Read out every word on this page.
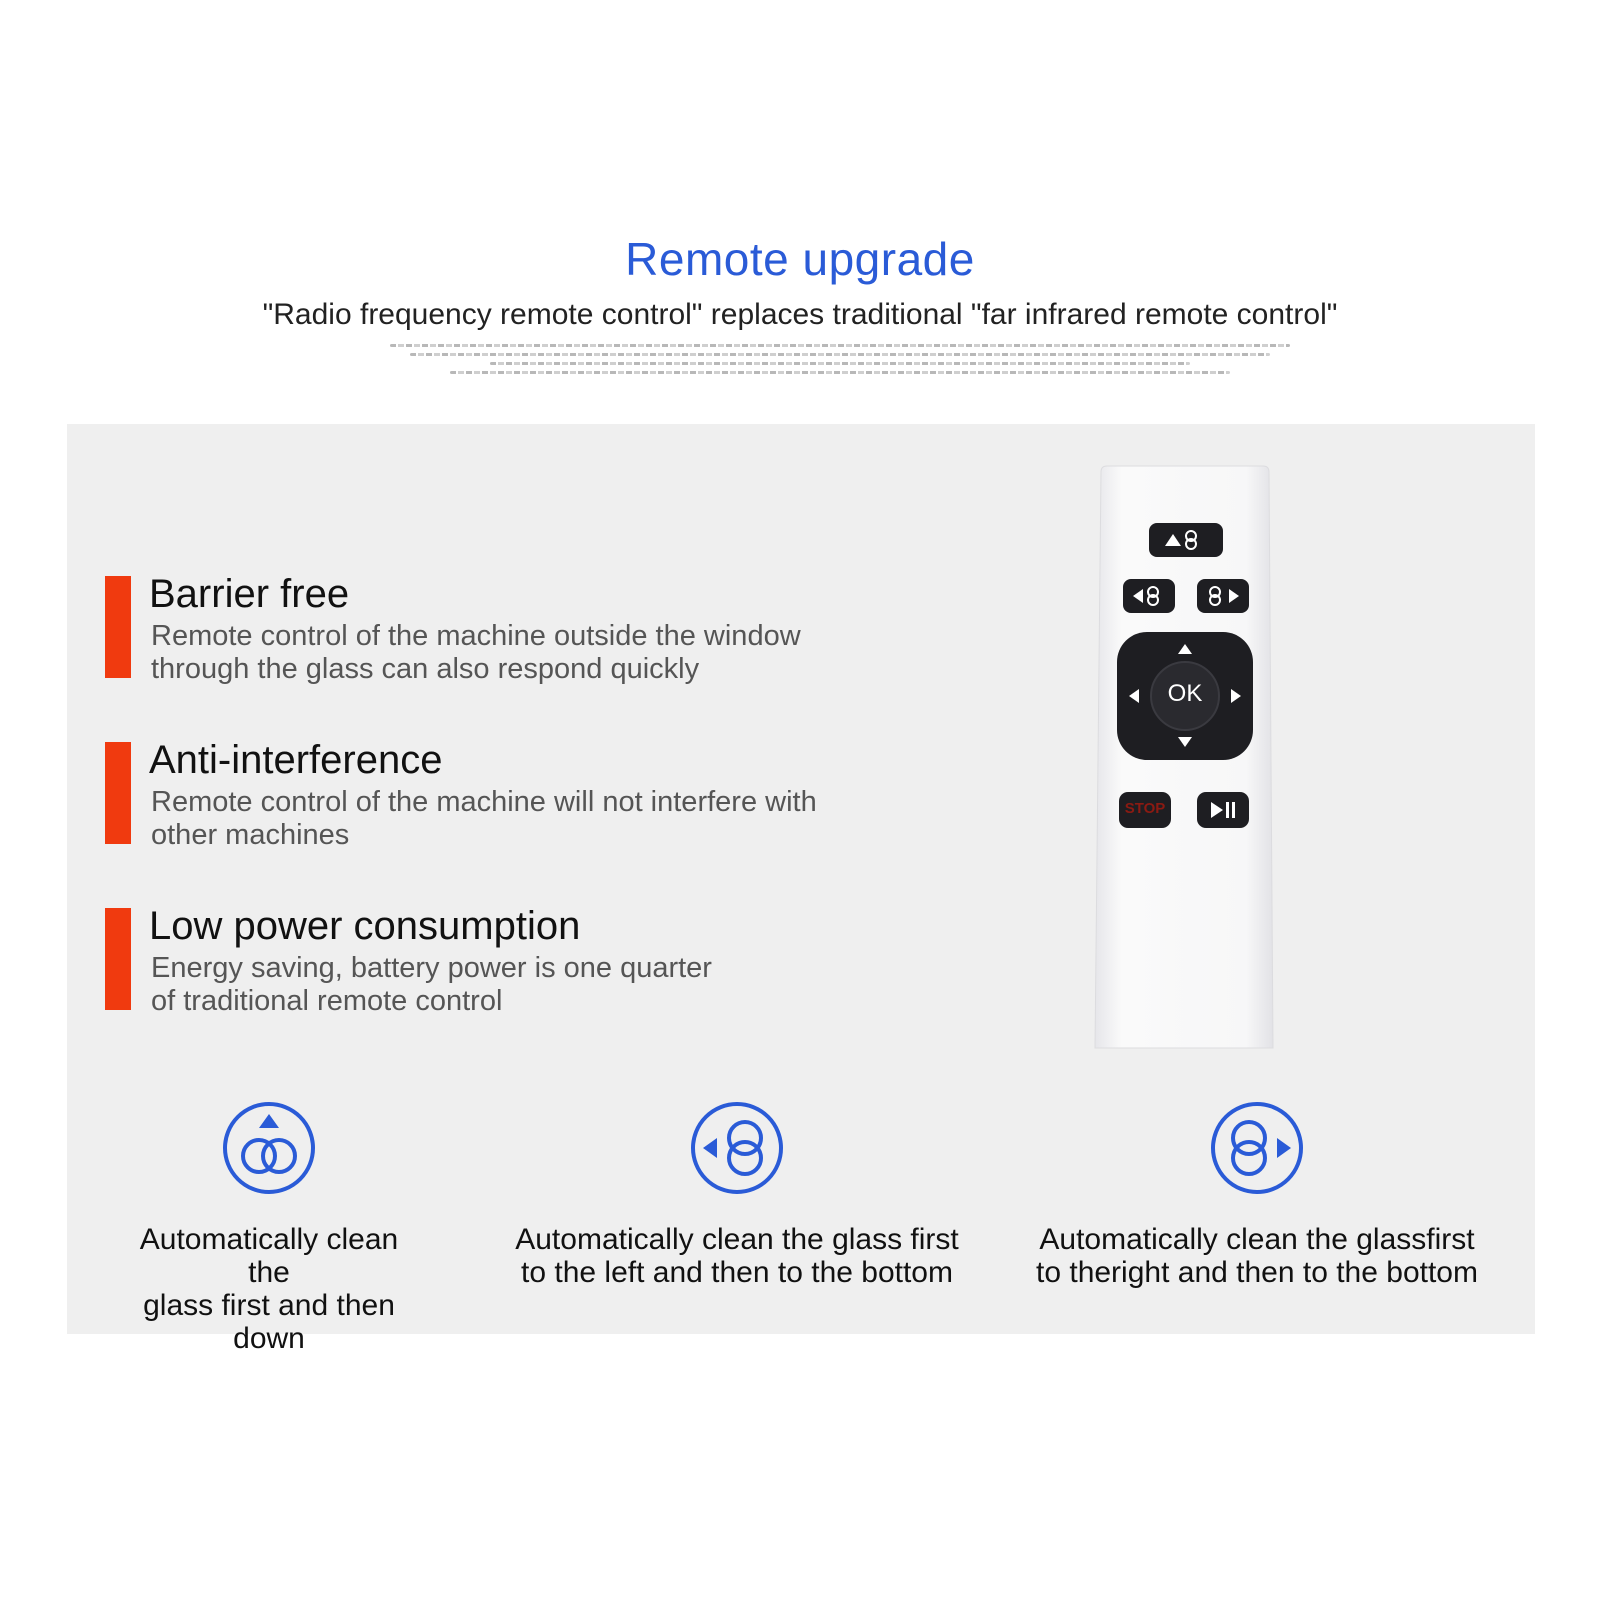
Remote upgrade
"Radio frequency remote control" replaces traditional "far infrared remote control"
Barrier free
Remote control of the machine outside the window
through the glass can also respond quickly
Anti-interference
Remote control of the machine will not interfere with
other machines
Low power consumption
Energy saving, battery power is one quarter
of traditional remote control
Automatically clean the
glass first and then down
Automatically clean the glass first
to the left and then to the bottom
Automatically clean the glassfirst
to theright and then to the bottom
OK
STOP
